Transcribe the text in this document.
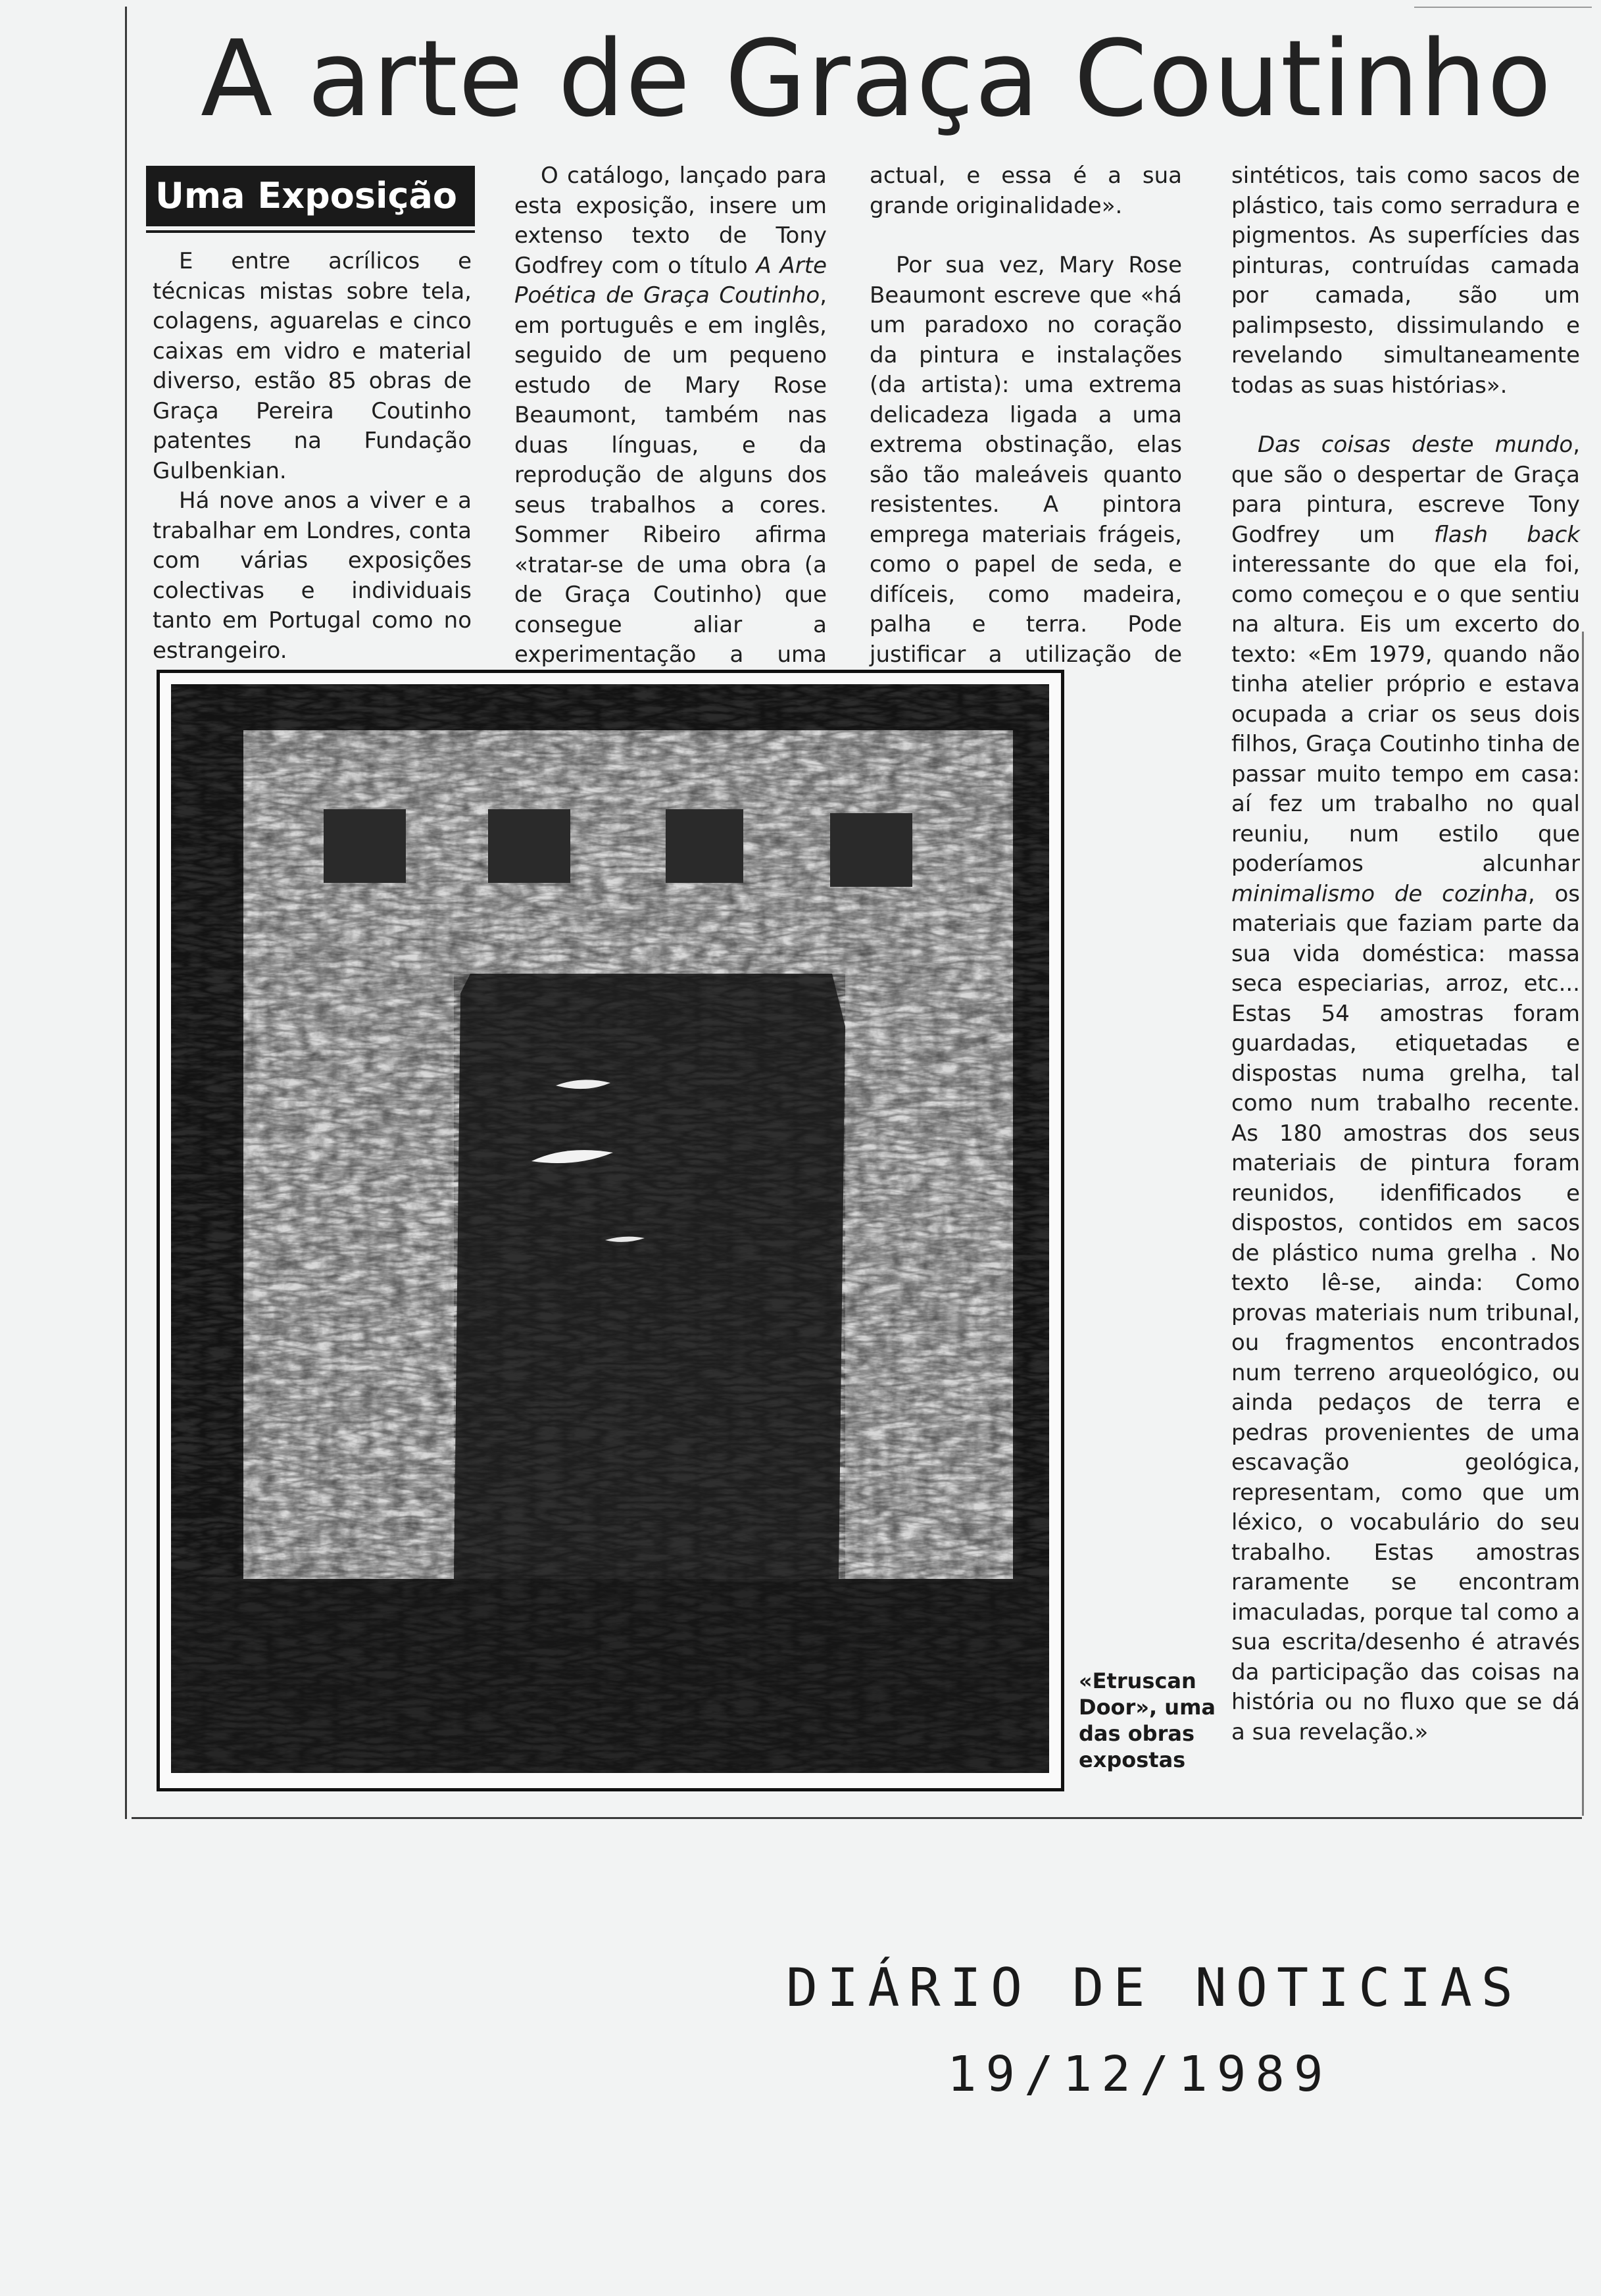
A arte de Graça Coutinho
Uma Exposição

E entre acrílicos e técnicas mistas sobre tela, colagens, aguarelas e cinco caixas em vidro e material diverso, estão 85 obras de Graça Pereira Coutinho patentes na Fundação Gulbenkian.

Há nove anos a viver e a trabalhar em Londres, conta com várias exposições colectivas e individuais tanto em Portugal como no estrangeiro.

O catálogo, lançado para esta exposição, insere um extenso texto de Tony Godfrey com o título A Arte Poética de Graça Coutinho, em português e em inglês, seguido de um pequeno estudo de Mary Rose Beaumont, também nas duas línguas, e da reprodução de alguns dos seus trabalhos a cores. Sommer Ribeiro afirma «tratar-se de uma obra (a de Graça Coutinho) que consegue aliar a experimentação a uma

actual, e essa é a sua grande originalidade».

Por sua vez, Mary Rose Beaumont escreve que «há um paradoxo no coração da pintura e instalações (da artista): uma extrema delicadeza ligada a uma extrema obstinação, elas são tão maleáveis quanto resistentes. A pintora emprega materiais frágeis, como o papel de seda, e difíceis, como madeira, palha e terra. Pode justificar a utilização de

sintéticos, tais como sacos de plástico, tais como serradura e pigmentos. As superfícies das pinturas, contruídas camada por camada, são um palimpsesto, dissimulando e revelando simultaneamente todas as suas histórias».

Das coisas deste mundo, que são o despertar de Graça para pintura, escreve Tony Godfrey um flash back interessante do que ela foi, como começou e o que sentiu na altura. Eis um excerto do texto: «Em 1979, quando não tinha atelier próprio e estava ocupada a criar os seus dois filhos, Graça Coutinho tinha de passar muito tempo em casa: aí fez um trabalho no qual reuniu, num estilo que poderíamos alcunhar minimalismo de cozinha, os materiais que faziam parte da sua vida doméstica: massa seca especiarias, arroz, etc... Estas 54 amostras foram guardadas, etiquetadas e dispostas numa grelha, tal como num trabalho recente. As 180 amostras dos seus materiais de pintura foram reunidos, idenfificados e dispostos, contidos em sacos de plástico numa grelha . No texto lê-se, ainda: Como provas materiais num tribunal, ou fragmentos encontrados num terreno arqueológico, ou ainda pedaços de terra e pedras provenientes de uma escavação geológica, representam, como que um léxico, o vocabulário do seu trabalho. Estas amostras raramente se encontram imaculadas, porque tal como a sua escrita/desenho é através da participação das coisas na história ou no fluxo que se dá a sua revelação.»

«Etruscan Door», uma das obras expostas
DIÁRIO DE NOTICIAS
19/12/1989
